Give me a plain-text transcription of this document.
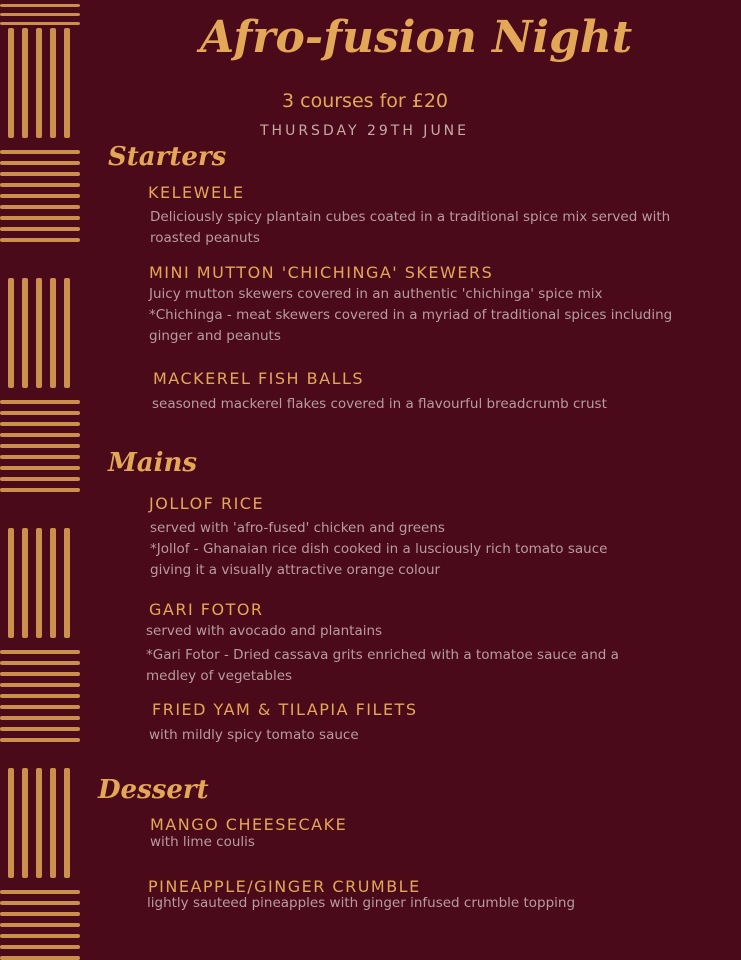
Afro-fusion Night
3 courses for £20
THURSDAY 29TH JUNE
Starters
KELEWELE
Deliciously spicy plantain cubes coated in a traditional spice mix served with
roasted peanuts
MINI MUTTON 'CHICHINGA' SKEWERS
Juicy mutton skewers covered in an authentic 'chichinga' spice mix
*Chichinga - meat skewers covered in a myriad of traditional spices including
ginger and peanuts
MACKEREL FISH BALLS
seasoned mackerel flakes covered in a flavourful breadcrumb crust
Mains
JOLLOF RICE
served with 'afro-fused' chicken and greens
*Jollof - Ghanaian rice dish cooked in a lusciously rich tomato sauce
giving it a visually attractive orange colour
GARI FOTOR
served with avocado and plantains
*Gari Fotor - Dried cassava grits enriched with a tomatoe sauce and a
medley of vegetables
FRIED YAM & TILAPIA FILETS
with mildly spicy tomato sauce
Dessert
MANGO CHEESECAKE
with lime coulis
PINEAPPLE/GINGER CRUMBLE
lightly sauteed pineapples with ginger infused crumble topping
